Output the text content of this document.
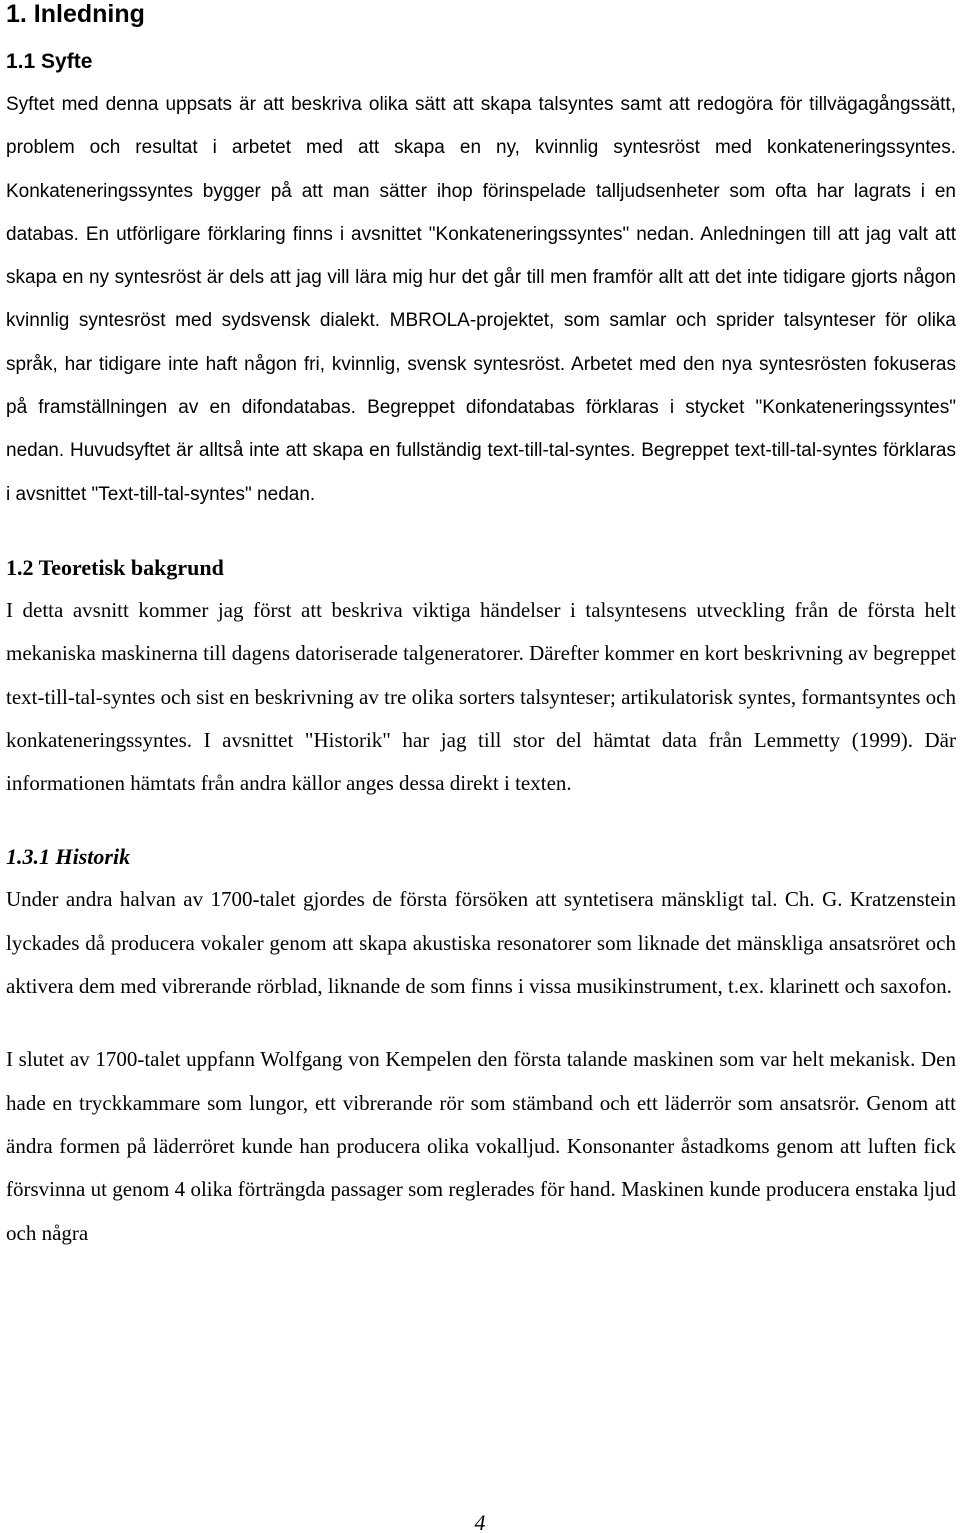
1. Inledning
1.1 Syfte

Syftet med denna uppsats är att beskriva olika sätt att skapa talsyntes samt att redogöra för tillvägagångssätt, problem och resultat i arbetet med att skapa en ny, kvinnlig syntesröst med konkateneringssyntes. Konkateneringssyntes bygger på att man sätter ihop förinspelade talljudsenheter som ofta har lagrats i en databas. En utförligare förklaring finns i avsnittet "Konkateneringssyntes" nedan. Anledningen till att jag valt att skapa en ny syntesröst är dels att jag vill lära mig hur det går till men framför allt att det inte tidigare gjorts någon kvinnlig syntesröst med sydsvensk dialekt. MBROLA-projektet, som samlar och sprider talsynteser för olika språk, har tidigare inte haft någon fri, kvinnlig, svensk syntesröst. Arbetet med den nya syntesrösten fokuseras på framställningen av en difondatabas. Begreppet difondatabas förklaras i stycket "Konkateneringssyntes" nedan. Huvudsyftet är alltså inte att skapa en fullständig text-till-tal-syntes. Begreppet text-till-tal-syntes förklaras i avsnittet "Text-till-tal-syntes" nedan.

1.2 Teoretisk bakgrund

I detta avsnitt kommer jag först att beskriva viktiga händelser i talsyntesens utveckling från de första helt mekaniska maskinerna till dagens datoriserade talgeneratorer. Därefter kommer en kort beskrivning av begreppet text-till-tal-syntes och sist en beskrivning av tre olika sorters talsynteser; artikulatorisk syntes, formantsyntes och konkateneringssyntes. I avsnittet "Historik" har jag till stor del hämtat data från Lemmetty (1999). Där informationen hämtats från andra källor anges dessa direkt i texten.

1.3.1 Historik

Under andra halvan av 1700-talet gjordes de första försöken att syntetisera mänskligt tal. Ch. G. Kratzenstein lyckades då producera vokaler genom att skapa akustiska resonatorer som liknade det mänskliga ansatsröret och aktivera dem med vibrerande rörblad, liknande de som finns i vissa musikinstrument, t.ex. klarinett och saxofon.

I slutet av 1700-talet uppfann Wolfgang von Kempelen den första talande maskinen som var helt mekanisk. Den hade en tryckkammare som lungor, ett vibrerande rör som stämband och ett läderrör som ansatsrör. Genom att ändra formen på läderröret kunde han producera olika vokalljud. Konsonanter åstadkoms genom att luften fick försvinna ut genom 4 olika förträngda passager som reglerades för hand. Maskinen kunde producera enstaka ljud och några

4
